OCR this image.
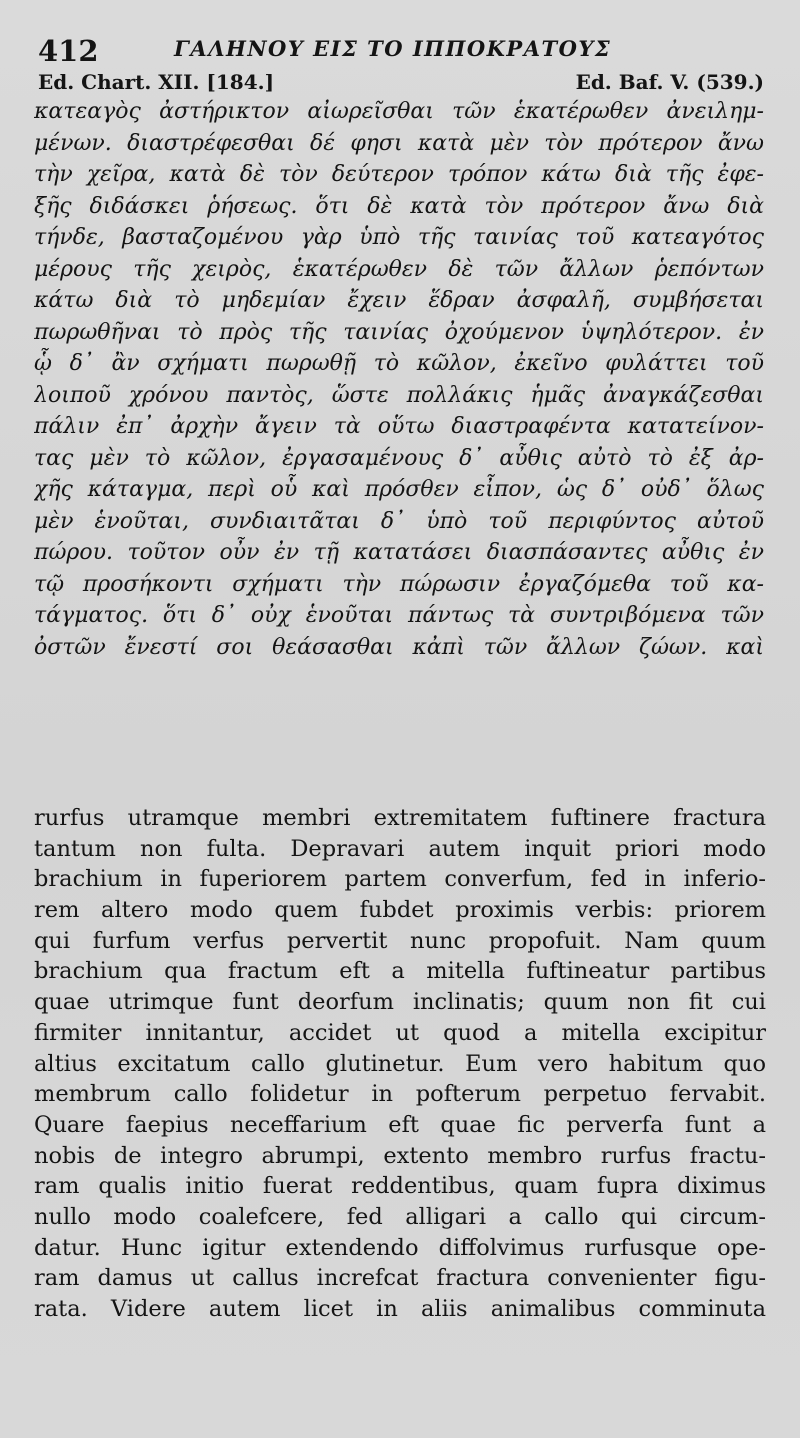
412	ΓΑΛΗΝΟΥ ΕΙΣ ΤΟ ΙΠΠΟΚΡΑΤΟΥΣ
Ed. Chart. XII. [184.]	Ed. Baf. V. (539.)
κατεαγὸς ἀστήρικτον αἰωρεῖσθαι τῶν ἑκατέρωθεν ἀνειλημ-
μένων. διαστρέφεσθαι δέ φησι κατὰ μὲν τὸν πρότερον ἄνω
τὴν χεῖρα, κατὰ δὲ τὸν δεύτερον τρόπον κάτω διὰ τῆς ἐφε-
ξῆς διδάσκει ῥήσεως. ὅτι δὲ κατὰ τὸν πρότερον ἄνω διὰ
τήνδε, βασταζομένου γὰρ ὑπὸ τῆς ταινίας τοῦ κατεαγότος
μέρους τῆς χειρὸς, ἑκατέρωθεν δὲ τῶν ἄλλων ῥεπόντων
κάτω διὰ τὸ μηδεμίαν ἔχειν ἕδραν ἀσφαλῆ, συμβήσεται
πωρωθῆναι τὸ πρὸς τῆς ταινίας ὀχούμενον ὑψηλότερον. ἐν
ᾧ δ᾽ ἂν σχήματι πωρωθῇ τὸ κῶλον, ἐκεῖνο φυλάττει τοῦ
λοιποῦ χρόνου παντὸς, ὥστε πολλάκις ἡμᾶς ἀναγκάζεσθαι
πάλιν ἐπ᾽ ἀρχὴν ἄγειν τὰ οὕτω διαστραφέντα κατατείνον-
τας μὲν τὸ κῶλον, ἐργασαμένους δ᾽ αὖθις αὐτὸ τὸ ἐξ ἀρ-
χῆς κάταγμα, περὶ οὗ καὶ πρόσθεν εἶπον, ὡς δ᾽ οὐδ᾽ ὅλως
μὲν ἑνοῦται, συνδιαιτᾶται δ᾽ ὑπὸ τοῦ περιφύντος αὐτοῦ
πώρου. τοῦτον οὖν ἐν τῇ κατατάσει διασπάσαντες αὖθις ἐν
τῷ προσήκοντι σχήματι τὴν πώρωσιν ἐργαζόμεθα τοῦ κα-
τάγματος. ὅτι δ᾽ οὐχ ἑνοῦται πάντως τὰ συντριβόμενα τῶν
ὀστῶν ἔνεστί σοι θεάσασθαι κἀπὶ τῶν ἄλλων ζώων. καὶ
rurfus utramque membri extremitatem fuftinere fractura
tantum non fulta. Depravari autem inquit priori modo
brachium in fuperiorem partem converfum, fed in inferio-
rem altero modo quem fubdet proximis verbis: priorem
qui furfum verfus pervertit nunc propofuit. Nam quum
brachium qua fractum eft a mitella fuftineatur partibus
quae utrimque funt deorfum inclinatis; quum non fit cui
firmiter innitantur, accidet ut quod a mitella excipitur
altius excitatum callo glutinetur. Eum vero habitum quo
membrum callo folidetur in pofterum perpetuo fervabit.
Quare faepius neceffarium eft quae fic perverfa funt a
nobis de integro abrumpi, extento membro rurfus fractu-
ram qualis initio fuerat reddentibus, quam fupra diximus
nullo modo coalefcere, fed alligari a callo qui circum-
datur. Hunc igitur extendendo diffolvimus rurfusque ope-
ram damus ut callus increfcat fractura convenienter figu-
rata. Videre autem licet in aliis animalibus comminuta
